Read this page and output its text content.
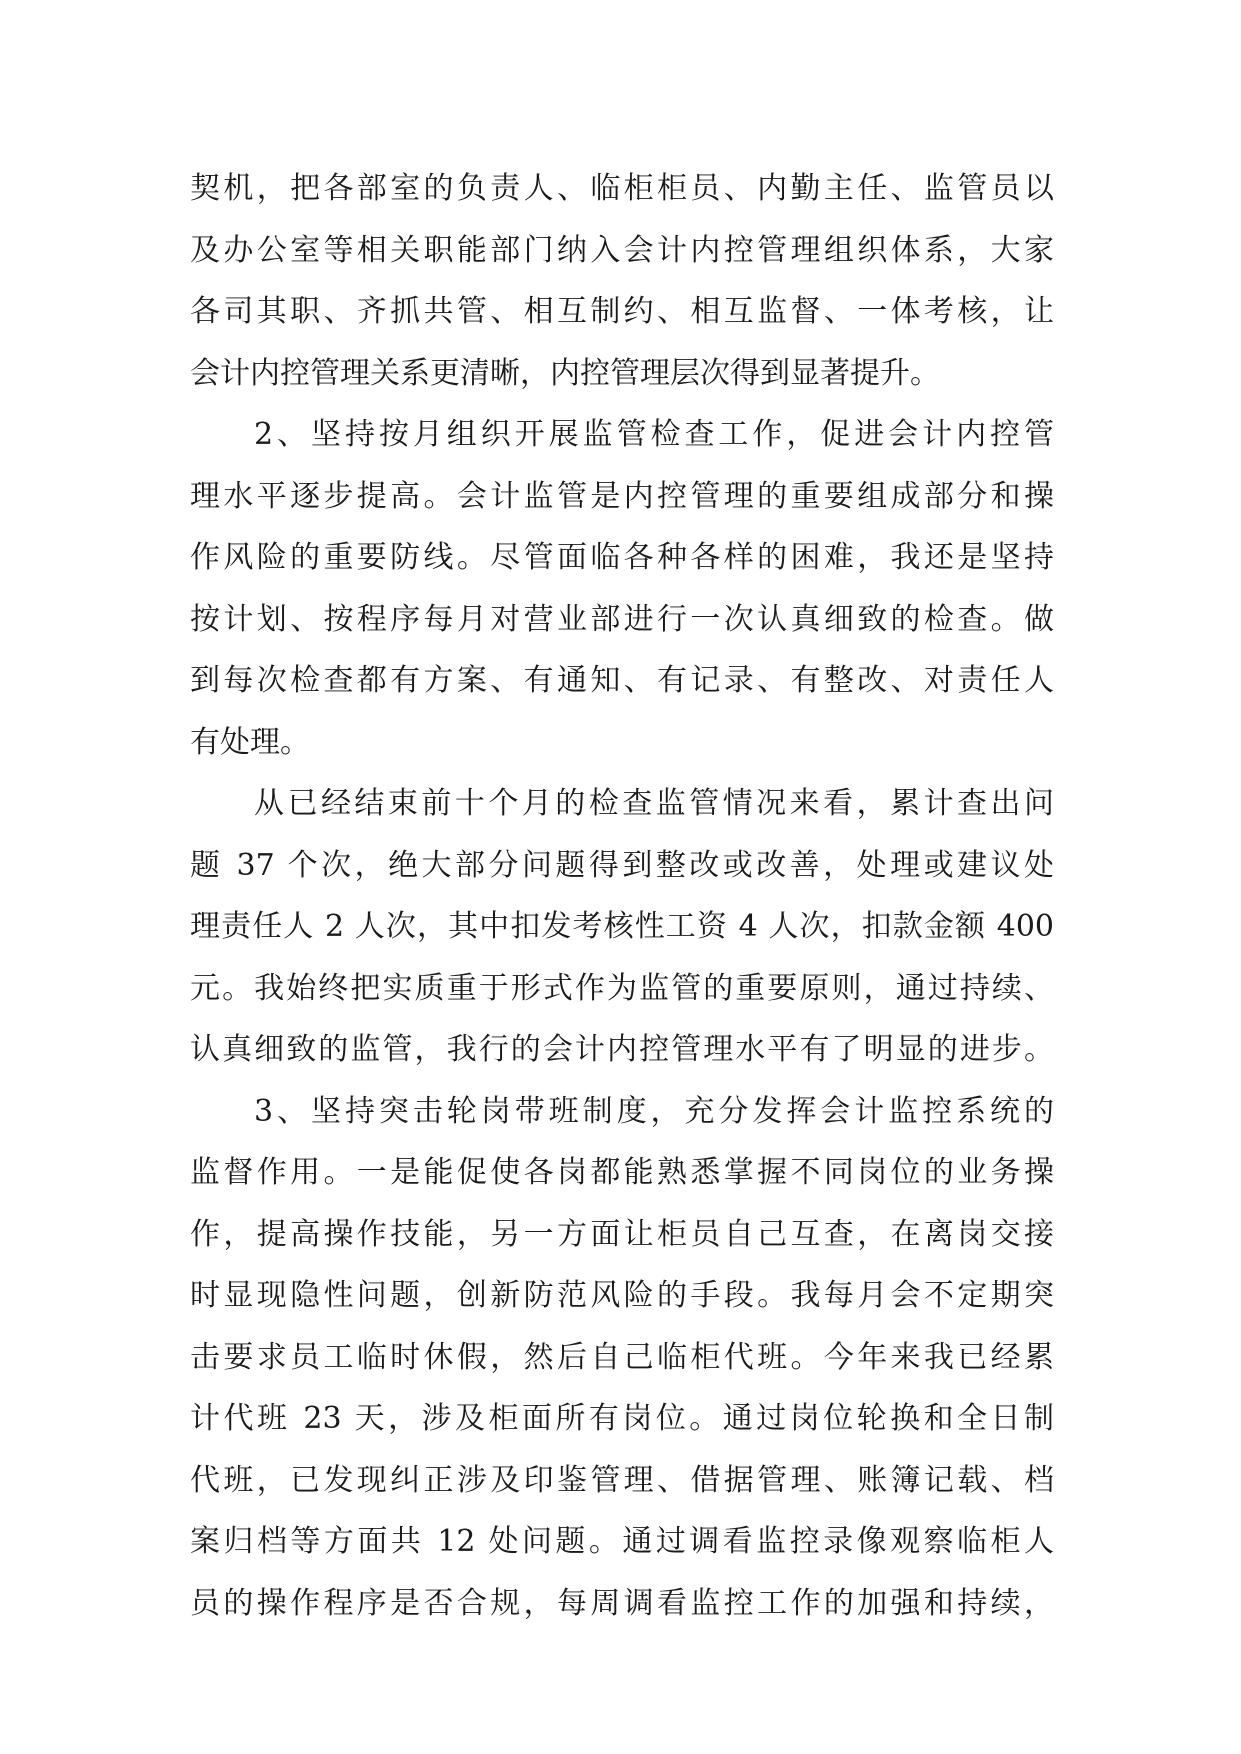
契机，把各部室的负责人、临柜柜员、内勤主任、监管员以
及办公室等相关职能部门纳入会计内控管理组织体系，大家
各司其职、齐抓共管、相互制约、相互监督、一体考核，让
会计内控管理关系更清晰，内控管理层次得到显著提升。
2、坚持按月组织开展监管检查工作，促进会计内控管
理水平逐步提高。会计监管是内控管理的重要组成部分和操
作风险的重要防线。尽管面临各种各样的困难，我还是坚持
按计划、按程序每月对营业部进行一次认真细致的检查。做
到每次检查都有方案、有通知、有记录、有整改、对责任人
有处理。
从已经结束前十个月的检查监管情况来看，累计查出问
题 37 个次，绝大部分问题得到整改或改善，处理或建议处
理责任人 2 人次，其中扣发考核性工资 4 人次，扣款金额 400
元。我始终把实质重于形式作为监管的重要原则，通过持续、
认真细致的监管，我行的会计内控管理水平有了明显的进步。
3、坚持突击轮岗带班制度，充分发挥会计监控系统的
监督作用。一是能促使各岗都能熟悉掌握不同岗位的业务操
作，提高操作技能，另一方面让柜员自己互查，在离岗交接
时显现隐性问题，创新防范风险的手段。我每月会不定期突
击要求员工临时休假，然后自己临柜代班。今年来我已经累
计代班 23 天，涉及柜面所有岗位。通过岗位轮换和全日制
代班，已发现纠正涉及印鉴管理、借据管理、账簿记载、档
案归档等方面共 12 处问题。通过调看监控录像观察临柜人
员的操作程序是否合规，每周调看监控工作的加强和持续，
